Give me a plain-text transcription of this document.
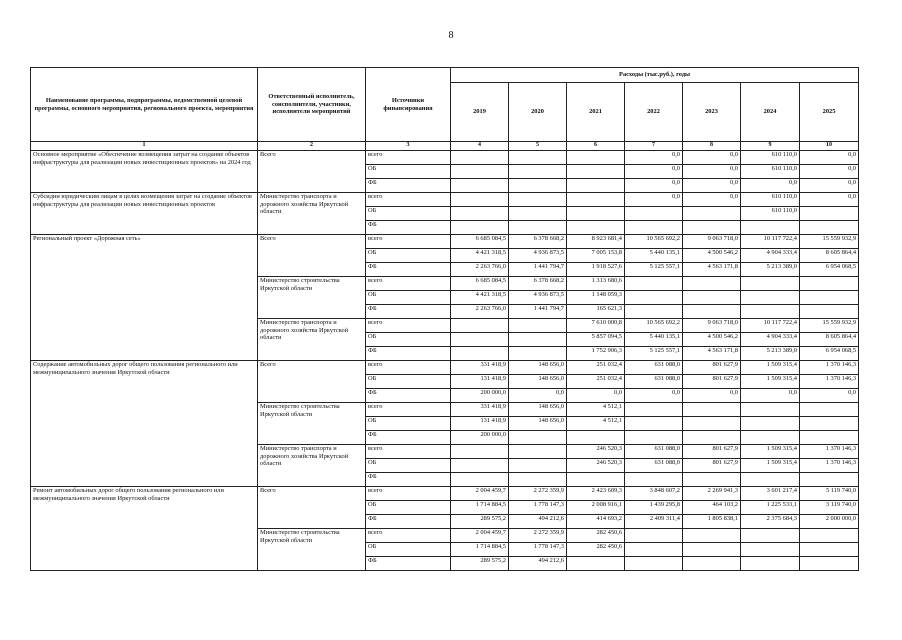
8
Наименование программы, подпрограммы, ведомственной целевой программы, основного мероприятия, регионального проекта, мероприятия	Ответственный исполнитель, соисполнители, участники, исполнители мероприятий	Источники финансирования	Расходы (тыс.руб.), годы						
			2019	2020	2021	2022	2023	2024	2025
1	2	3	4	5	6	7	8	9	10
Основное мероприятие «Обеспечение возмещения затрат на создание объектов инфраструктуры для реализации новых инвестиционных проектов» на 2024 год	Всего	всего				0,0	0,0	610 110,0	0,0
		ОБ				0,0	0,0	610 110,0	0,0
		ФБ				0,0	0,0	0,0	0,0
Субсидии юридическим лицам в целях возмещения затрат на создание объектов инфраструктуры для реализации новых инвестиционных проектов	Министерство транспорта и дорожного хозяйства Иркутской области	всего				0,0	0,0	610 110,0	0,0
		ОБ						610 110,0	
		ФБ							
Региональный проект «Дорожная сеть»	Всего	всего	6 685 084,5	6 378 668,2	8 923 681,4	10 565 692,2	9 063 718,0	10 117 722,4	15 559 932,9
		ОБ	4 421 318,5	4 936 873,5	7 005 153,8	5 440 135,1	4 500 546,2	4 904 333,4	8 605 864,4
		ФБ	2 263 766,0	1 441 794,7	1 918 527,6	5 125 557,1	4 563 171,8	5 213 389,0	6 954 068,5
	Министерство строительства Иркутской области	всего	6 685 084,5	6 378 668,2	1 313 680,6				
		ОБ	4 421 318,5	4 936 873,5	1 148 059,3				
		ФБ	2 263 766,0	1 441 794,7	165 621,3				
	Министерство транспорта и дорожного хозяйства Иркутской области	всего			7 610 000,8	10 565 692,2	9 063 718,0	10 117 722,4	15 559 932,9
		ОБ			5 857 094,5	5 440 135,1	4 500 546,2	4 904 333,4	8 605 864,4
		ФБ			1 752 906,3	5 125 557,1	4 563 171,8	5 213 389,0	6 954 068,5
Содержание автомобильных дорог общего пользования регионального или межмуниципального значения Иркутской области	Всего	всего	331 418,9	148 656,0	251 032,4	631 088,0	801 627,9	1 509 315,4	1 370 146,3
		ОБ	131 418,9	148 656,0	251 032,4	631 088,0	801 627,9	1 509 315,4	1 370 146,3
		ФБ	200 000,0	0,0	0,0	0,0	0,0	0,0	0,0
	Министерство строительства Иркутской области	всего	331 418,9	148 656,0	4 512,1				
		ОБ	131 418,9	148 656,0	4 512,1				
		ФБ	200 000,0						
	Министерство транспорта и дорожного хозяйства Иркутской области	всего			246 520,3	631 088,0	801 627,9	1 509 315,4	1 370 146,3
		ОБ			246 520,3	631 088,0	801 627,9	1 509 315,4	1 370 146,3
		ФБ							
Ремонт автомобильных дорог общего пользования регионального или межмуниципального значения Иркутской области	Всего	всего	2 004 459,7	2 272 359,9	2 423 609,3	3 848 607,2	2 269 941,3	3 601 217,4	5 119 740,0
		ОБ	1 714 884,5	1 778 147,3	2 008 916,1	1 439 295,8	464 103,2	1 225 533,1	3 119 740,0
		ФБ	289 575,2	494 212,6	414 693,2	2 409 311,4	1 805 838,1	2 375 684,3	2 000 000,0
	Министерство строительства Иркутской области	всего	2 004 459,7	2 272 359,9	282 450,6				
		ОБ	1 714 884,5	1 778 147,3	282 450,6				
		ФБ	289 575,2	494 212,6					
